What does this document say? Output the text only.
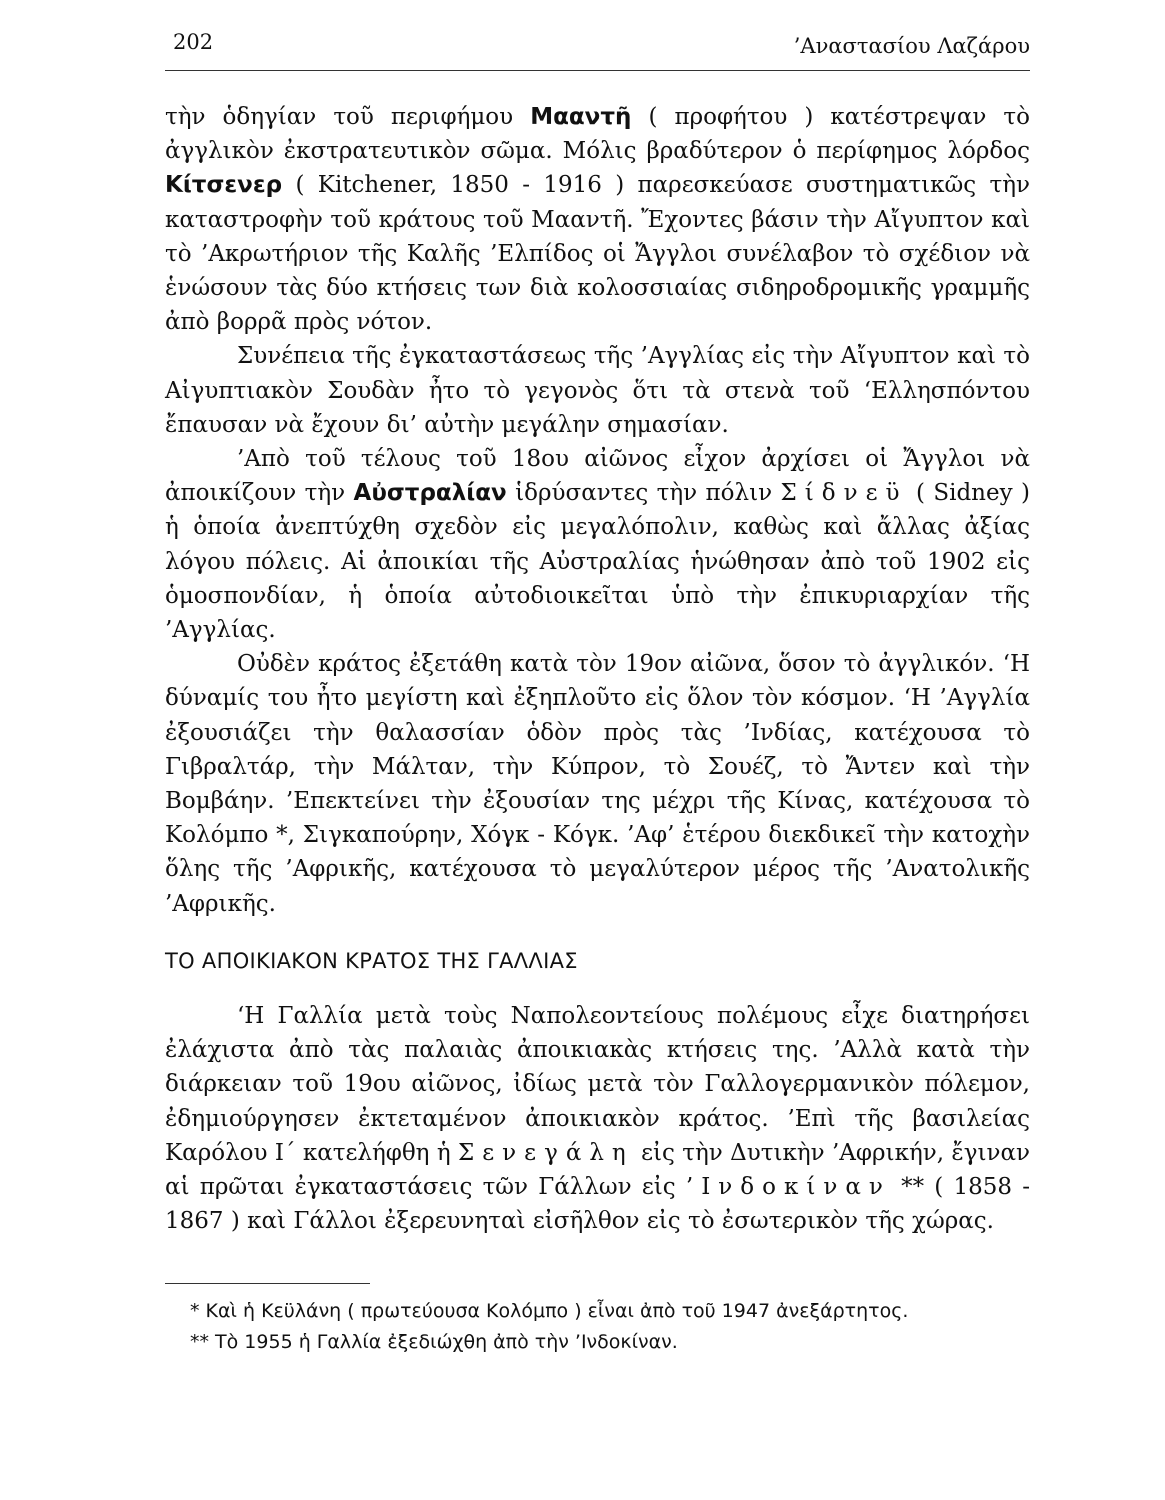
202	’Αναστασίου Λαζάρου

τὴν ὁδηγίαν τοῦ περιφήμου Μααντῆ ( προφήτου ) κατέστρεψαν τὸ ἀγγλικὸν ἐκστρατευτικὸν σῶμα. Μόλις βραδύτερον ὁ περίφημος λόρδος Κίτσενερ ( Kitchener, 1850 - 1916 ) παρεσκεύασε συστηματικῶς τὴν καταστροφὴν τοῦ κράτους τοῦ Μααντῆ. Ἔχοντες βάσιν τὴν Αἴγυπτον καὶ τὸ ’Ακρωτήριον τῆς Καλῆς ’Ελπίδος οἱ Ἄγγλοι συνέλαβον τὸ σχέδιον νὰ ἑνώσουν τὰς δύο κτήσεις των διὰ κολοσσιαίας σιδηροδρομικῆς γραμμῆς ἀπὸ βορρᾶ πρὸς νότον.

Συνέπεια τῆς ἐγκαταστάσεως τῆς ’Αγγλίας εἰς τὴν Αἴγυπτον καὶ τὸ Αἰγυπτιακὸν Σουδὰν ἦτο τὸ γεγονὸς ὅτι τὰ στενὰ τοῦ ‘Ελλησπόντου ἔπαυσαν νὰ ἔχουν δι’ αὐτὴν μεγάλην σημασίαν.

’Απὸ τοῦ τέλους τοῦ 18ου αἰῶνος εἶχον ἀρχίσει οἱ Ἄγγλοι νὰ ἀποικίζουν τὴν Αὐστραλίαν ἱδρύσαντες τὴν πόλιν Σίδνεϋ ( Sidney ) ἡ ὁποία ἀνεπτύχθη σχεδὸν εἰς μεγαλόπολιν, καθὼς καὶ ἄλλας ἀξίας λόγου πόλεις. Αἱ ἀποικίαι τῆς Αὐστραλίας ἡνώθησαν ἀπὸ τοῦ 1902 εἰς ὁμοσπονδίαν, ἡ ὁποία αὐτοδιοικεῖται ὑπὸ τὴν ἐπικυριαρχίαν τῆς ’Αγγλίας.

Οὐδὲν κράτος ἐξετάθη κατὰ τὸν 19ον αἰῶνα, ὅσον τὸ ἀγγλικόν. ‘Η δύναμίς του ἦτο μεγίστη καὶ ἐξηπλοῦτο εἰς ὅλον τὸν κόσμον. ‘Η ’Αγγλία ἐξουσιάζει τὴν θαλασσίαν ὁδὸν πρὸς τὰς ’Ινδίας, κατέχουσα τὸ Γιβραλτάρ, τὴν Μάλταν, τὴν Κύπρον, τὸ Σουέζ, τὸ Ἄντεν καὶ τὴν Βομβάην. ’Επεκτείνει τὴν ἐξουσίαν της μέχρι τῆς Κίνας, κατέχουσα τὸ Κολόμπο *, Σιγκαπούρην, Χόγκ - Κόγκ. ’Αφ’ ἑτέρου διεκδικεῖ τὴν κατοχὴν ὅλης τῆς ’Αφρικῆς, κατέχουσα τὸ μεγαλύτερον μέρος τῆς ’Ανατολικῆς ’Αφρικῆς.

ΤΟ ΑΠΟΙΚΙΑΚΟΝ ΚΡΑΤΟΣ ΤΗΣ ΓΑΛΛΙΑΣ

‘Η Γαλλία μετὰ τοὺς Ναπολεοντείους πολέμους εἶχε διατηρήσει ἐλάχιστα ἀπὸ τὰς παλαιὰς ἀποικιακὰς κτήσεις της. ’Αλλὰ κατὰ τὴν διάρκειαν τοῦ 19ου αἰῶνος, ἰδίως μετὰ τὸν Γαλλογερμανικὸν πόλεμον, ἐδημιούργησεν ἐκτεταμένον ἀποικιακὸν κράτος. ’Επὶ τῆς βασιλείας Καρόλου Ι΄ κατελήφθη ἡ Σενεγάλη εἰς τὴν Δυτικὴν ’Αφρικήν, ἔγιναν αἱ πρῶται ἐγκαταστάσεις τῶν Γάλλων εἰς ’Ινδοκίναν ** ( 1858 - 1867 ) καὶ Γάλλοι ἐξερευνηταὶ εἰσῆλθον εἰς τὸ ἐσωτερικὸν τῆς χώρας.

* Καὶ ἡ Κεϋλάνη ( πρωτεύουσα Κολόμπο ) εἶναι ἀπὸ τοῦ 1947 ἀνεξάρτητος.

** Τὸ 1955 ἡ Γαλλία ἐξεδιώχθη ἀπὸ τὴν ’Ινδοκίναν.
